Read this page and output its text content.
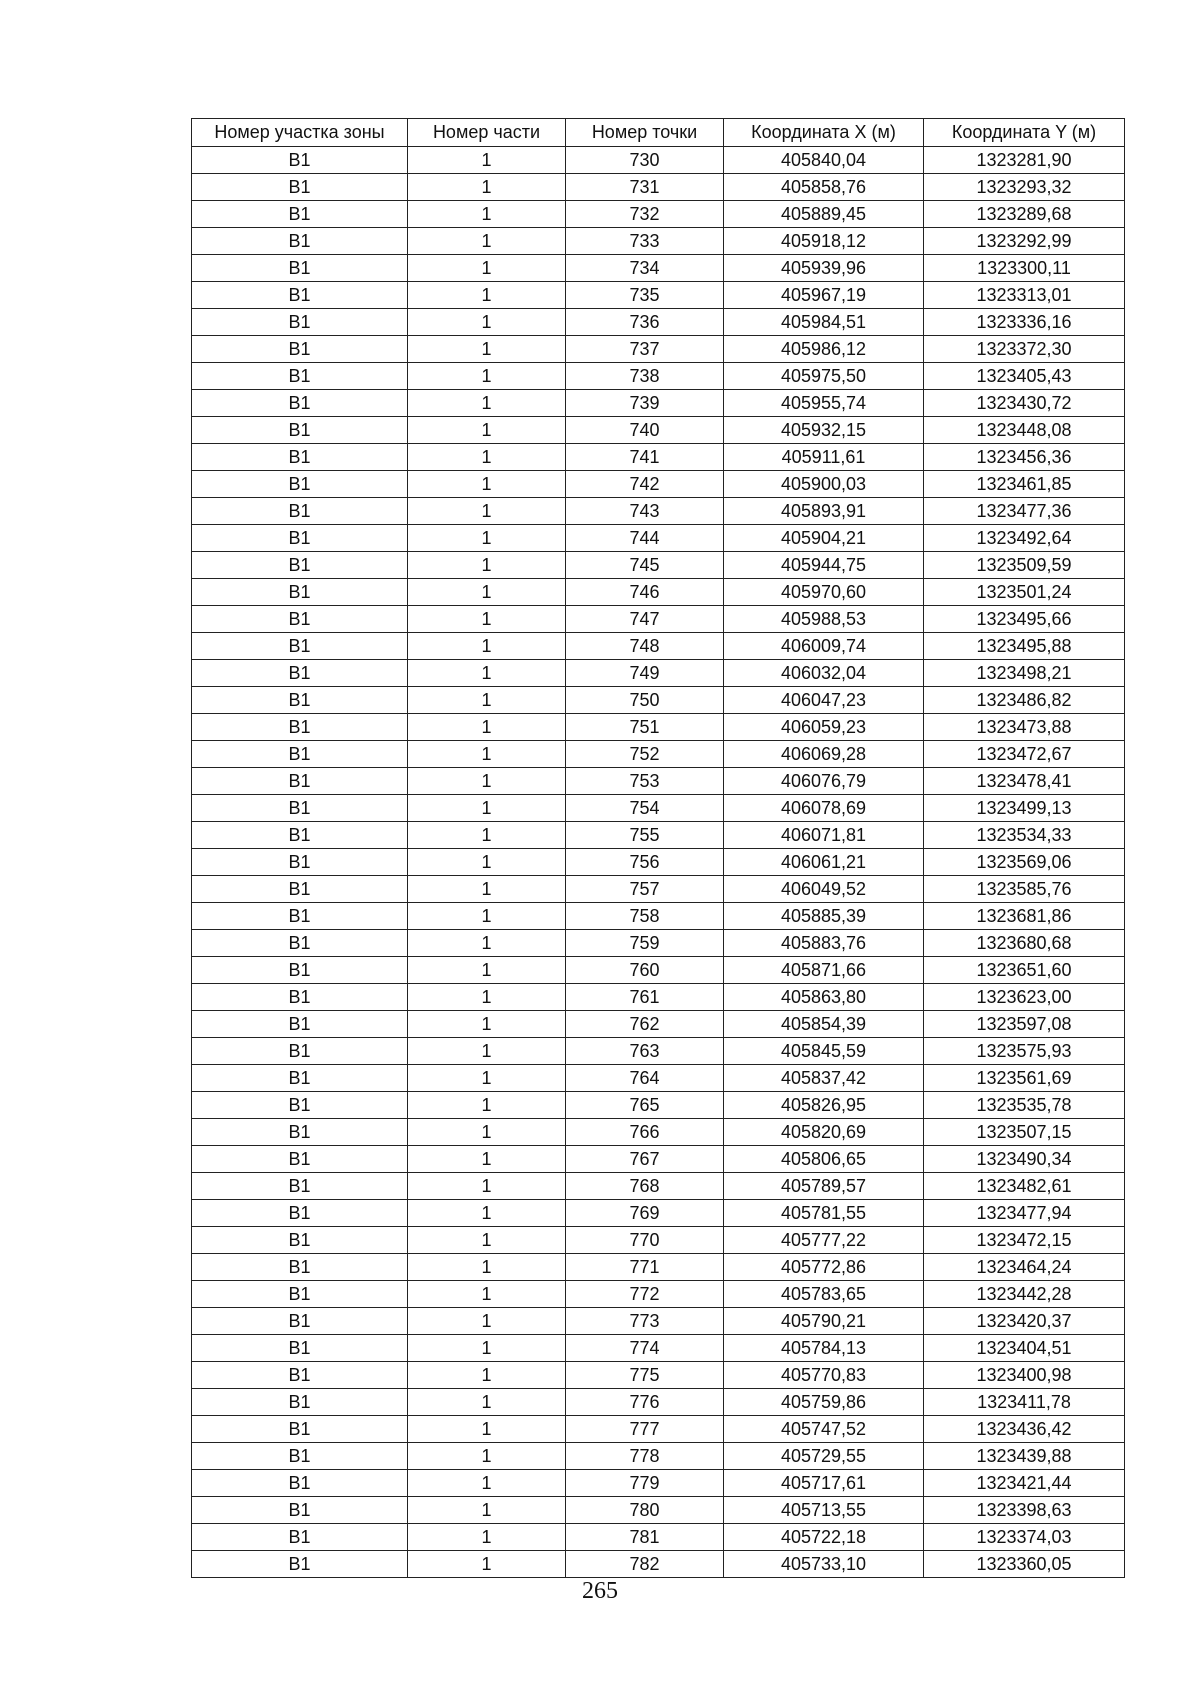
Номер участка зоны	Номер части	Номер точки	Координата X (м)	Координата Y (м)
B1	1	730	405840,04	1323281,90
B1	1	731	405858,76	1323293,32
B1	1	732	405889,45	1323289,68
B1	1	733	405918,12	1323292,99
B1	1	734	405939,96	1323300,11
B1	1	735	405967,19	1323313,01
B1	1	736	405984,51	1323336,16
B1	1	737	405986,12	1323372,30
B1	1	738	405975,50	1323405,43
B1	1	739	405955,74	1323430,72
B1	1	740	405932,15	1323448,08
B1	1	741	405911,61	1323456,36
B1	1	742	405900,03	1323461,85
B1	1	743	405893,91	1323477,36
B1	1	744	405904,21	1323492,64
B1	1	745	405944,75	1323509,59
B1	1	746	405970,60	1323501,24
B1	1	747	405988,53	1323495,66
B1	1	748	406009,74	1323495,88
B1	1	749	406032,04	1323498,21
B1	1	750	406047,23	1323486,82
B1	1	751	406059,23	1323473,88
B1	1	752	406069,28	1323472,67
B1	1	753	406076,79	1323478,41
B1	1	754	406078,69	1323499,13
B1	1	755	406071,81	1323534,33
B1	1	756	406061,21	1323569,06
B1	1	757	406049,52	1323585,76
B1	1	758	405885,39	1323681,86
B1	1	759	405883,76	1323680,68
B1	1	760	405871,66	1323651,60
B1	1	761	405863,80	1323623,00
B1	1	762	405854,39	1323597,08
B1	1	763	405845,59	1323575,93
B1	1	764	405837,42	1323561,69
B1	1	765	405826,95	1323535,78
B1	1	766	405820,69	1323507,15
B1	1	767	405806,65	1323490,34
B1	1	768	405789,57	1323482,61
B1	1	769	405781,55	1323477,94
B1	1	770	405777,22	1323472,15
B1	1	771	405772,86	1323464,24
B1	1	772	405783,65	1323442,28
B1	1	773	405790,21	1323420,37
B1	1	774	405784,13	1323404,51
B1	1	775	405770,83	1323400,98
B1	1	776	405759,86	1323411,78
B1	1	777	405747,52	1323436,42
B1	1	778	405729,55	1323439,88
B1	1	779	405717,61	1323421,44
B1	1	780	405713,55	1323398,63
B1	1	781	405722,18	1323374,03
B1	1	782	405733,10	1323360,05
265
